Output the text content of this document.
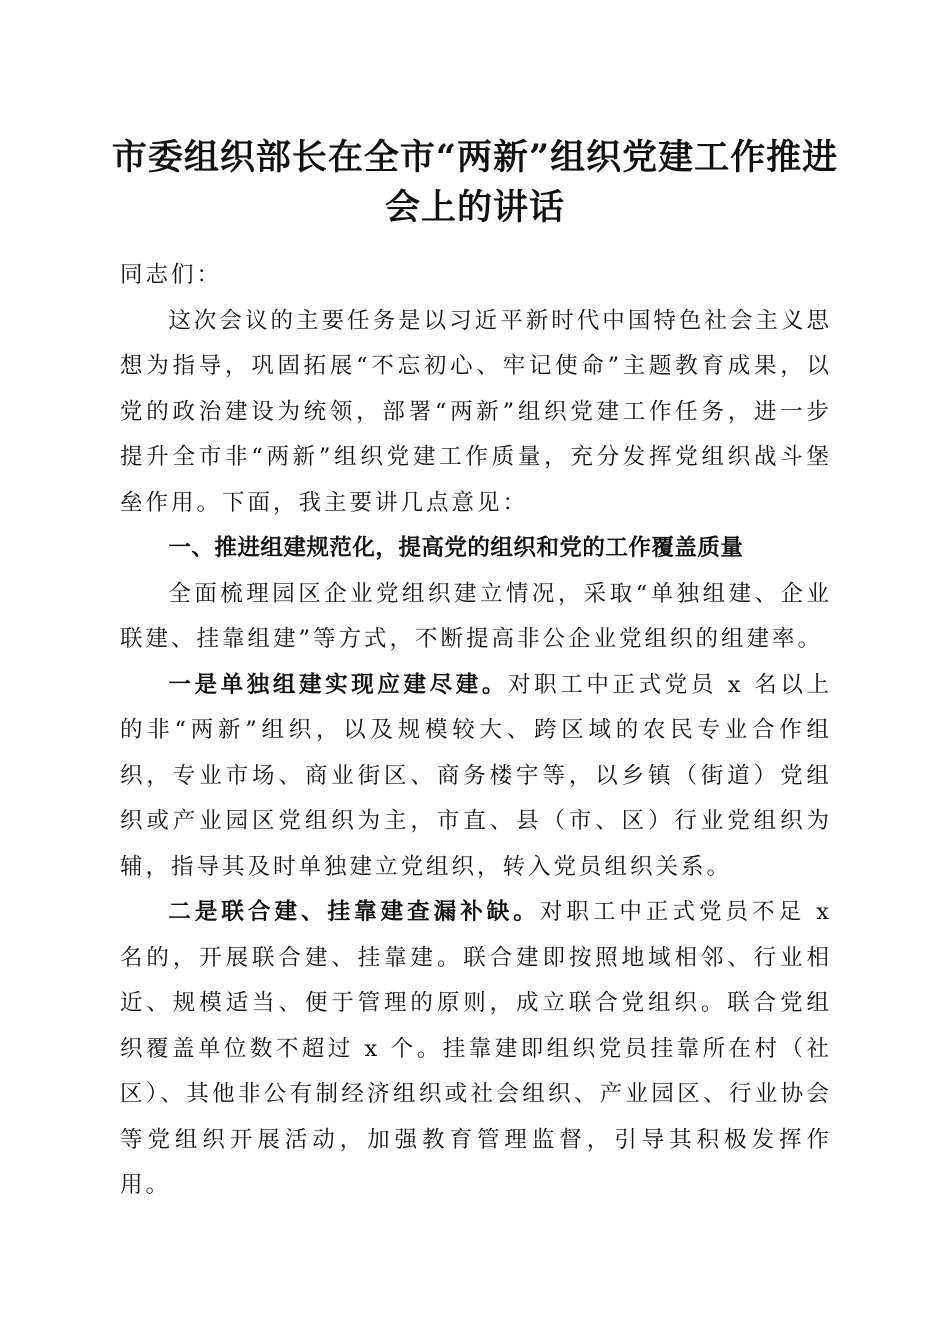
市委组织部长在全市“两新”组织党建工作推进会上的讲话

同志们：

这次会议的主要任务是以习近平新时代中国特色社会主义思想为指导，巩固拓展“不忘初心、牢记使命”主题教育成果，以党的政治建设为统领，部署“两新”组织党建工作任务，进一步提升全市非“两新”组织党建工作质量，充分发挥党组织战斗堡垒作用。下面，我主要讲几点意见：

一、推进组建规范化，提高党的组织和党的工作覆盖质量

全面梳理园区企业党组织建立情况，采取“单独组建、企业联建、挂靠组建”等方式，不断提高非公企业党组织的组建率。

一是单独组建实现应建尽建。对职工中正式党员 x 名以上的非“两新”组织，以及规模较大、跨区域的农民专业合作组织，专业市场、商业街区、商务楼宇等，以乡镇（街道）党组织或产业园区党组织为主，市直、县（市、区）行业党组织为辅，指导其及时单独建立党组织，转入党员组织关系。

二是联合建、挂靠建查漏补缺。对职工中正式党员不足 x 名的，开展联合建、挂靠建。联合建即按照地域相邻、行业相近、规模适当、便于管理的原则，成立联合党组织。联合党组织覆盖单位数不超过 x 个。挂靠建即组织党员挂靠所在村（社区）、其他非公有制经济组织或社会组织、产业园区、行业协会等党组织开展活动，加强教育管理监督，引导其积极发挥作用。
